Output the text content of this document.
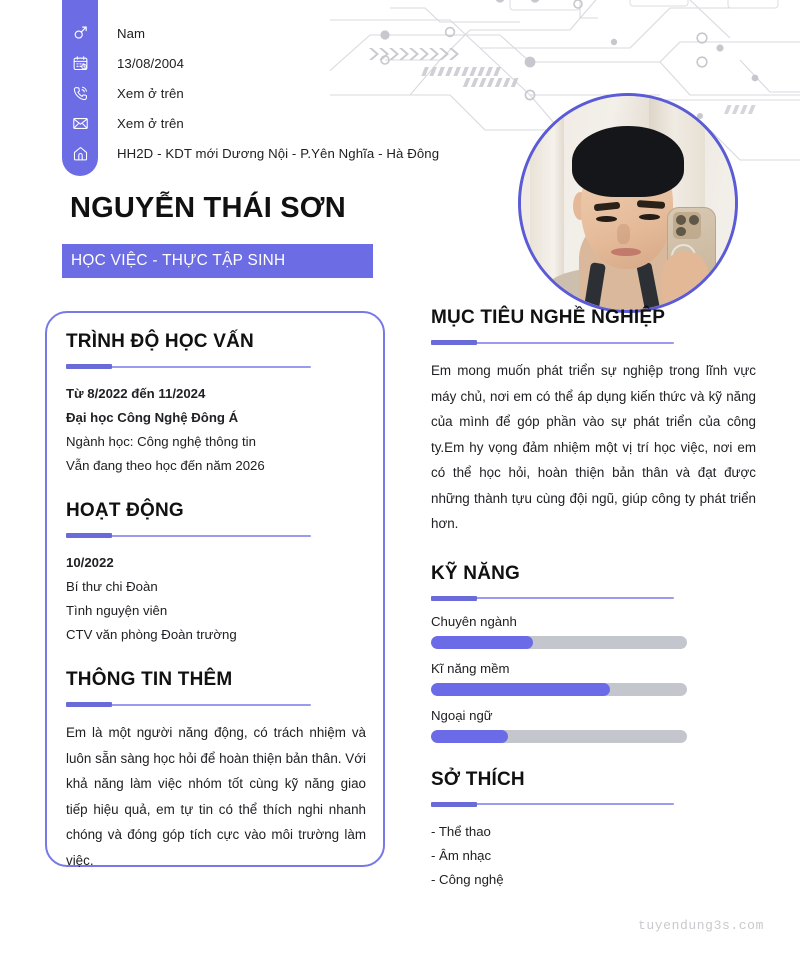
Nam
13/08/2004
Xem ở trên
Xem ở trên
HH2D - KDT mới Dương Nội - P.Yên Nghĩa - Hà Đông
NGUYỄN THÁI SƠN
HỌC VIỆC - THỰC TẬP SINH
TRÌNH ĐỘ HỌC VẤN
Từ 8/2022 đến 11/2024
Đại học Công Nghệ Đông Á
Ngành học: Công nghệ thông tin
Vẫn đang theo học đến năm 2026
HOẠT ĐỘNG
10/2022
Bí thư chi Đoàn
Tình nguyện viên
CTV văn phòng Đoàn trường
THÔNG TIN THÊM
Em là một người năng động, có trách nhiệm và luôn sẵn sàng học hỏi để hoàn thiện bản thân. Với khả năng làm việc nhóm tốt cùng kỹ năng giao tiếp hiệu quả, em tự tin có thể thích nghi nhanh chóng và đóng góp tích cực vào môi trường làm việc.
MỤC TIÊU NGHỀ NGHIỆP
Em mong muốn phát triển sự nghiệp trong lĩnh vực máy chủ, nơi em có thể áp dụng kiến thức và kỹ năng của mình để góp phần vào sự phát triển của công ty.Em hy vọng đảm nhiệm một vị trí học việc, nơi em có thể học hỏi, hoàn thiện bản thân và đạt được những thành tựu cùng đội ngũ, giúp công ty phát triển hơn.
KỸ NĂNG
Chuyên ngành
Kĩ năng mềm
Ngoại ngữ
SỞ THÍCH
- Thể thao
- Âm nhạc
- Công nghệ
tuyendung3s.com
